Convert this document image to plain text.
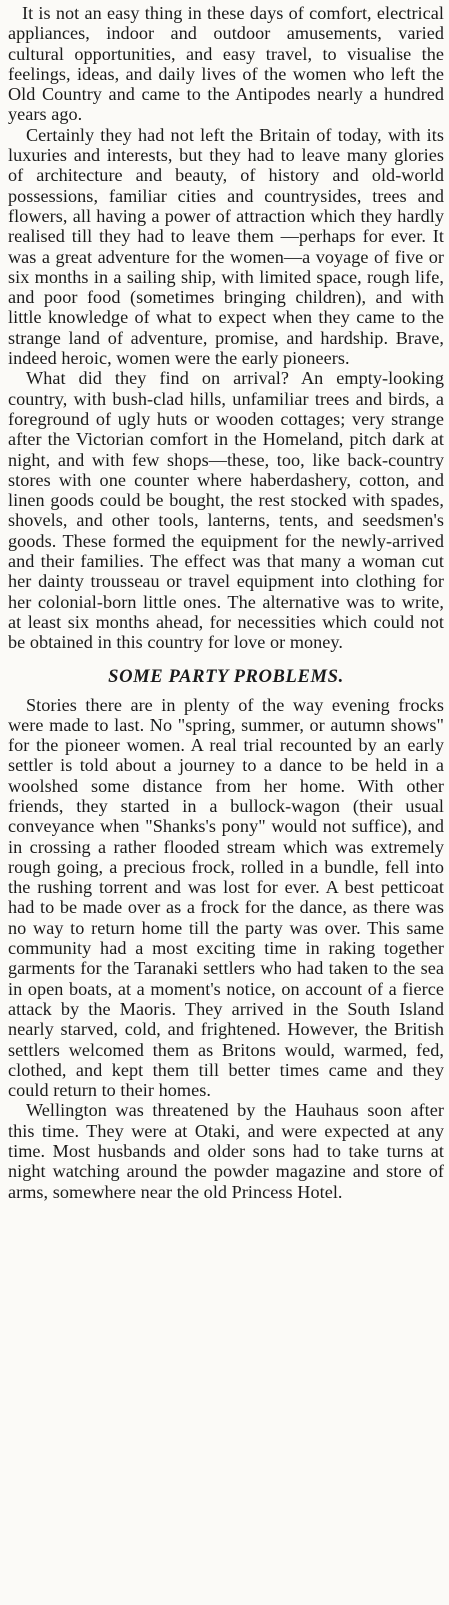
It is not an easy thing in these days of comfort, electrical appliances, indoor and outdoor amusements, varied cultural opportunities, and easy travel, to visualise the feelings, ideas, and daily lives of the women who left the Old Country and came to the Antipodes nearly a hundred years ago.

Certainly they had not left the Britain of today, with its luxuries and interests, but they had to leave many glories of architecture and beauty, of history and old-world possessions, familiar cities and countrysides, trees and flowers, all having a power of attraction which they hardly realised till they had to leave them —perhaps for ever. It was a great adventure for the women—a voyage of five or six months in a sailing ship, with limited space, rough life, and poor food (sometimes bringing children), and with little knowledge of what to expect when they came to the strange land of adventure, promise, and hardship. Brave, indeed heroic, women were the early pioneers.

What did they find on arrival? An empty-looking country, with bush-clad hills, unfamiliar trees and birds, a foreground of ugly huts or wooden cottages; very strange after the Victorian comfort in the Homeland, pitch dark at night, and with few shops—these, too, like back-country stores with one counter where haberdashery, cotton, and linen goods could be bought, the rest stocked with spades, shovels, and other tools, lanterns, tents, and seedsmen's goods. These formed the equipment for the newly-arrived and their families. The effect was that many a woman cut her dainty trousseau or travel equipment into clothing for her colonial-born little ones. The alternative was to write, at least six months ahead, for necessities which could not be obtained in this country for love or money.

SOME PARTY PROBLEMS.

Stories there are in plenty of the way evening frocks were made to last. No "spring, summer, or autumn shows" for the pioneer women. A real trial recounted by an early settler is told about a journey to a dance to be held in a woolshed some distance from her home. With other friends, they started in a bullock-wagon (their usual conveyance when "Shanks's pony" would not suffice), and in crossing a rather flooded stream which was extremely rough going, a precious frock, rolled in a bundle, fell into the rushing torrent and was lost for ever. A best petticoat had to be made over as a frock for the dance, as there was no way to return home till the party was over. This same community had a most exciting time in raking together garments for the Taranaki settlers who had taken to the sea in open boats, at a moment's notice, on account of a fierce attack by the Maoris. They arrived in the South Island nearly starved, cold, and frightened. However, the British settlers welcomed them as Britons would, warmed, fed, clothed, and kept them till better times came and they could return to their homes.

Wellington was threatened by the Hauhaus soon after this time. They were at Otaki, and were expected at any time. Most husbands and older sons had to take turns at night watching around the powder magazine and store of arms, somewhere near the old Princess Hotel.
